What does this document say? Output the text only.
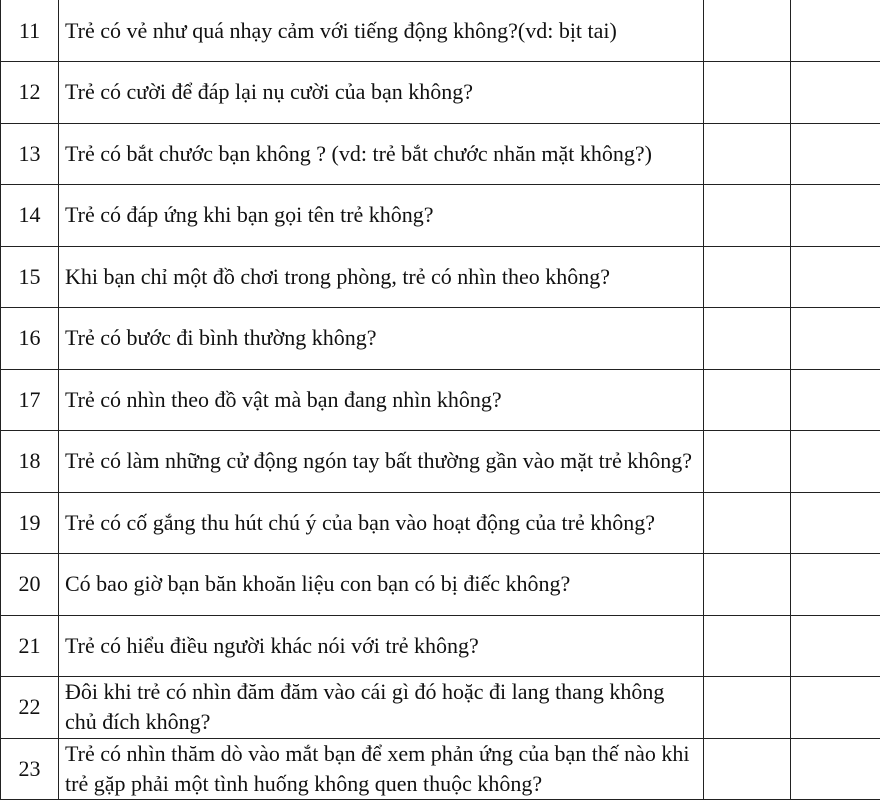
11	Trẻ có vẻ như quá nhạy cảm với tiếng động không?(vd: bịt tai)		
12	Trẻ có cười để đáp lại nụ cười của bạn không?		
13	Trẻ có bắt chước bạn không ? (vd: trẻ bắt chước nhăn mặt không?)		
14	Trẻ có đáp ứng khi bạn gọi tên trẻ không?		
15	Khi bạn chỉ một đồ chơi trong phòng, trẻ có nhìn theo không?		
16	Trẻ có bước đi bình thường không?		
17	Trẻ có nhìn theo đồ vật mà bạn đang nhìn không?		
18	Trẻ có làm những cử động ngón tay bất thường gần vào mặt trẻ không?		
19	Trẻ có cố gắng thu hút chú ý của bạn vào hoạt động của trẻ không?		
20	Có bao giờ bạn băn khoăn liệu con bạn có bị điếc không?		
21	Trẻ có hiểu điều người khác nói với trẻ không?		
22	Đôi khi trẻ có nhìn đăm đăm vào cái gì đó hoặc đi lang thang không chủ đích không?		
23	Trẻ có nhìn thăm dò vào mắt bạn để xem phản ứng của bạn thế nào khi trẻ gặp phải một tình huống không quen thuộc không?		
